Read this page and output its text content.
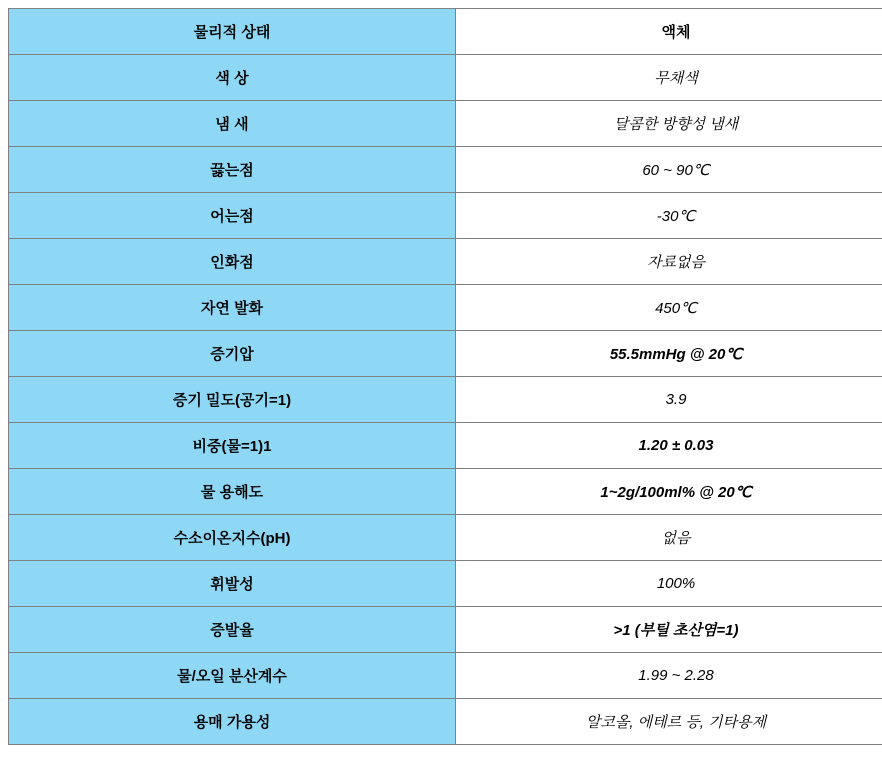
물리적 상태	액체
색 상	무채색
냄 새	달콤한 방향성 냄새
끓는점	60 ~ 90℃
어는점	-30℃
인화점	자료없음
자연 발화	450℃
증기압	55.5mmHg @ 20℃
증기 밀도(공기=1)	3.9
비중(물=1)1	1.20 ± 0.03
물 용해도	1~2g/100ml% @ 20℃
수소이온지수(pH)	없음
휘발성	100%
증발율	>1 (부틸 초산염=1)
물/오일 분산계수	1.99 ~ 2.28
용매 가용성	알코올, 에테르 등, 기타용제
